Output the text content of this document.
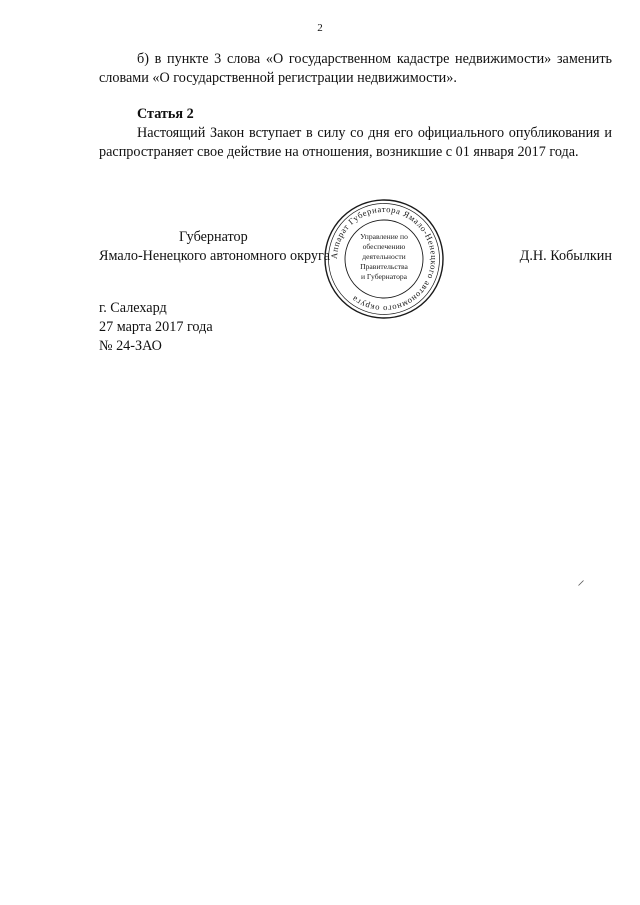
2

б) в пункте 3 слова «О государственном кадастре недвижимости» заменить словами «О государственной регистрации недвижимости».

Статья 2

Настоящий Закон вступает в силу со дня его официального опубликования и распространяет свое действие на отношения, возникшие с 01 января 2017 года.

Губернатор
Ямало-Ненецкого автономного округа	Д.Н. Кобылкин
Аппарат Губернатора Ямало-Ненецкого автономного округа
Управление по
обеспечению
деятельности
Правительства
и Губернатора
г. Салехард
27 марта 2017 года
№ 24-ЗАО
